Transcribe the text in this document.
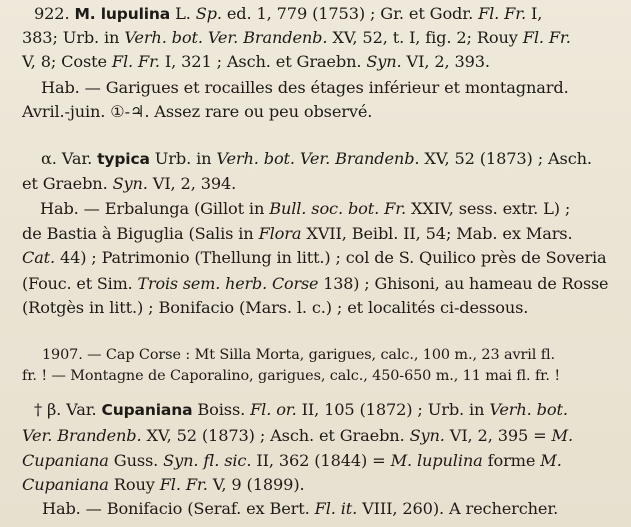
922. M. lupulina L. Sp. ed. 1, 779 (1753) ; Gr. et Godr. Fl. Fr. I,
383; Urb. in Verh. bot. Ver. Brandenb. XV, 52, t. I, fig. 2; Rouy Fl. Fr.
V, 8; Coste Fl. Fr. I, 321 ; Asch. et Graebn. Syn. VI, 2, 393.
Hab. — Garigues et rocailles des étages inférieur et montagnard.
Avril.-juin. ①-♃. Assez rare ou peu observé.
α. Var. typica Urb. in Verh. bot. Ver. Brandenb. XV, 52 (1873) ; Asch.
et Graebn. Syn. VI, 2, 394.
Hab. — Erbalunga (Gillot in Bull. soc. bot. Fr. XXIV, sess. extr. L) ;
de Bastia à Biguglia (Salis in Flora XVII, Beibl. II, 54; Mab. ex Mars.
Cat. 44) ; Patrimonio (Thellung in litt.) ; col de S. Quilico près de Soveria
(Fouc. et Sim. Trois sem. herb. Corse 138) ; Ghisoni, au hameau de Rosse
(Rotgès in litt.) ; Bonifacio (Mars. l. c.) ; et localités ci-dessous.
1907. — Cap Corse : Mt Silla Morta, garigues, calc., 100 m., 23 avril fl.
fr. ! — Montagne de Caporalino, garigues, calc., 450-650 m., 11 mai fl. fr. !
† β. Var. Cupaniana Boiss. Fl. or. II, 105 (1872) ; Urb. in Verh. bot.
Ver. Brandenb. XV, 52 (1873) ; Asch. et Graebn. Syn. VI, 2, 395 = M.
Cupaniana Guss. Syn. fl. sic. II, 362 (1844) = M. lupulina forme M.
Cupaniana Rouy Fl. Fr. V, 9 (1899).
Hab. — Bonifacio (Seraf. ex Bert. Fl. it. VIII, 260). A rechercher.
